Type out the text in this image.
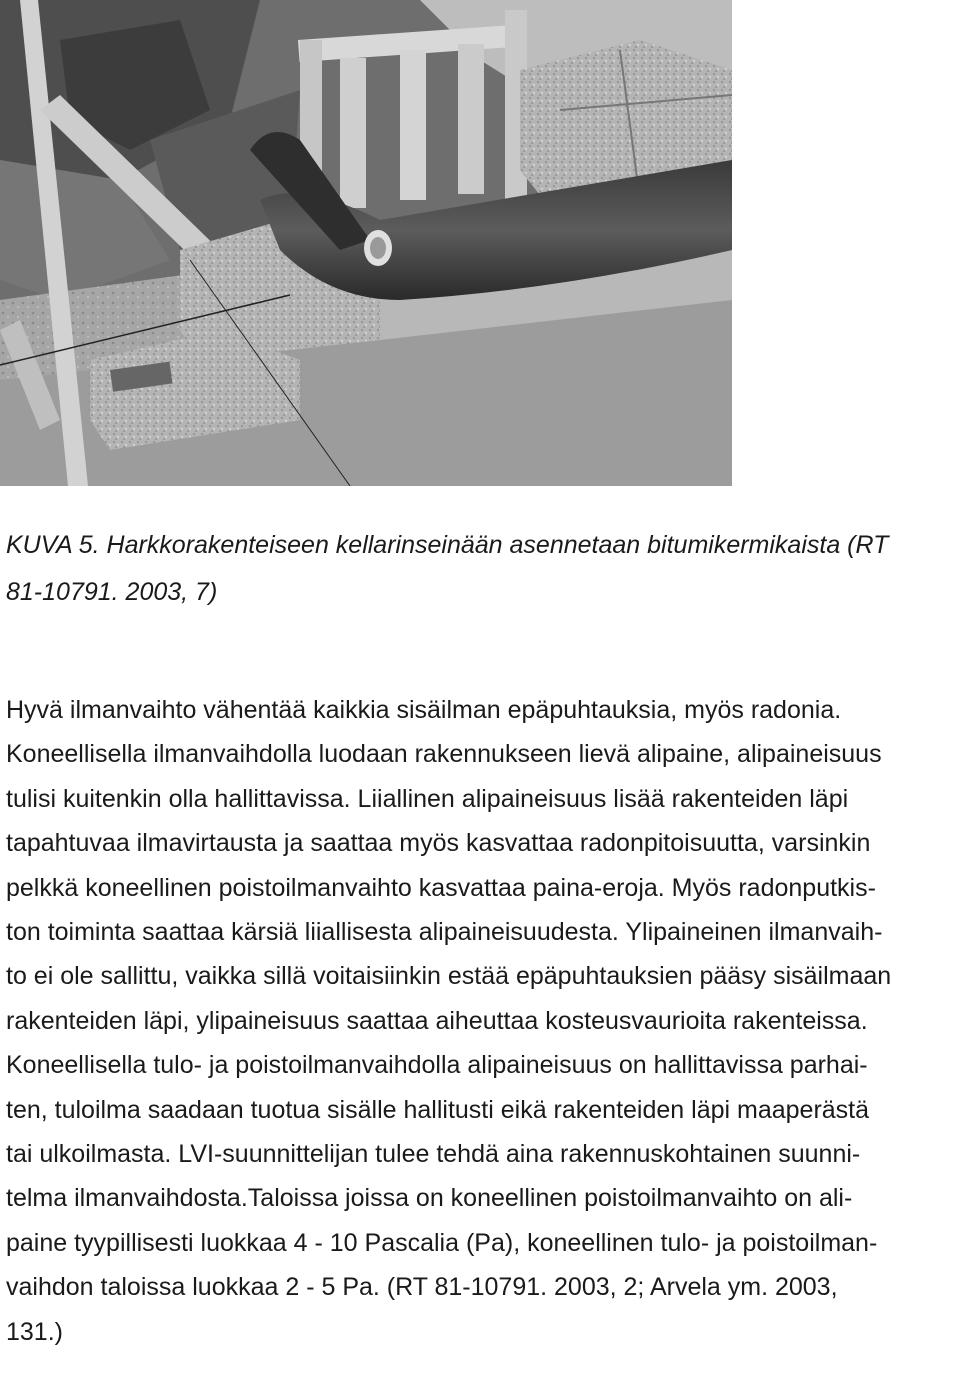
KUVA 5. Harkkorakenteiseen kellarinseinään asennetaan bitumikermikaista (RT
81-10791. 2003, 7)
Hyvä ilmanvaihto vähentää kaikkia sisäilman epäpuhtauksia, myös radonia.
Koneellisella ilmanvaihdolla luodaan rakennukseen lievä alipaine, alipaineisuus
tulisi kuitenkin olla hallittavissa. Liiallinen alipaineisuus lisää rakenteiden läpi
tapahtuvaa ilmavirtausta ja saattaa myös kasvattaa radonpitoisuutta, varsinkin
pelkkä koneellinen poistoilmanvaihto kasvattaa paina-eroja. Myös radonputkis-
ton toiminta saattaa kärsiä liiallisesta alipaineisuudesta. Ylipaineinen ilmanvaih-
to ei ole sallittu, vaikka sillä voitaisiinkin estää epäpuhtauksien pääsy sisäilmaan
rakenteiden läpi, ylipaineisuus saattaa aiheuttaa kosteusvaurioita rakenteissa.
Koneellisella tulo- ja poistoilmanvaihdolla alipaineisuus on hallittavissa parhai-
ten, tuloilma saadaan tuotua sisälle hallitusti eikä rakenteiden läpi maaperästä
tai ulkoilmasta. LVI-suunnittelijan tulee tehdä aina rakennuskohtainen suunni-
telma ilmanvaihdosta.Taloissa joissa on koneellinen poistoilmanvaihto on ali-
paine tyypillisesti luokkaa 4 - 10 Pascalia (Pa), koneellinen tulo- ja poistoilman-
vaihdon taloissa luokkaa 2 - 5 Pa. (RT 81-10791. 2003, 2; Arvela ym. 2003,
131.)
